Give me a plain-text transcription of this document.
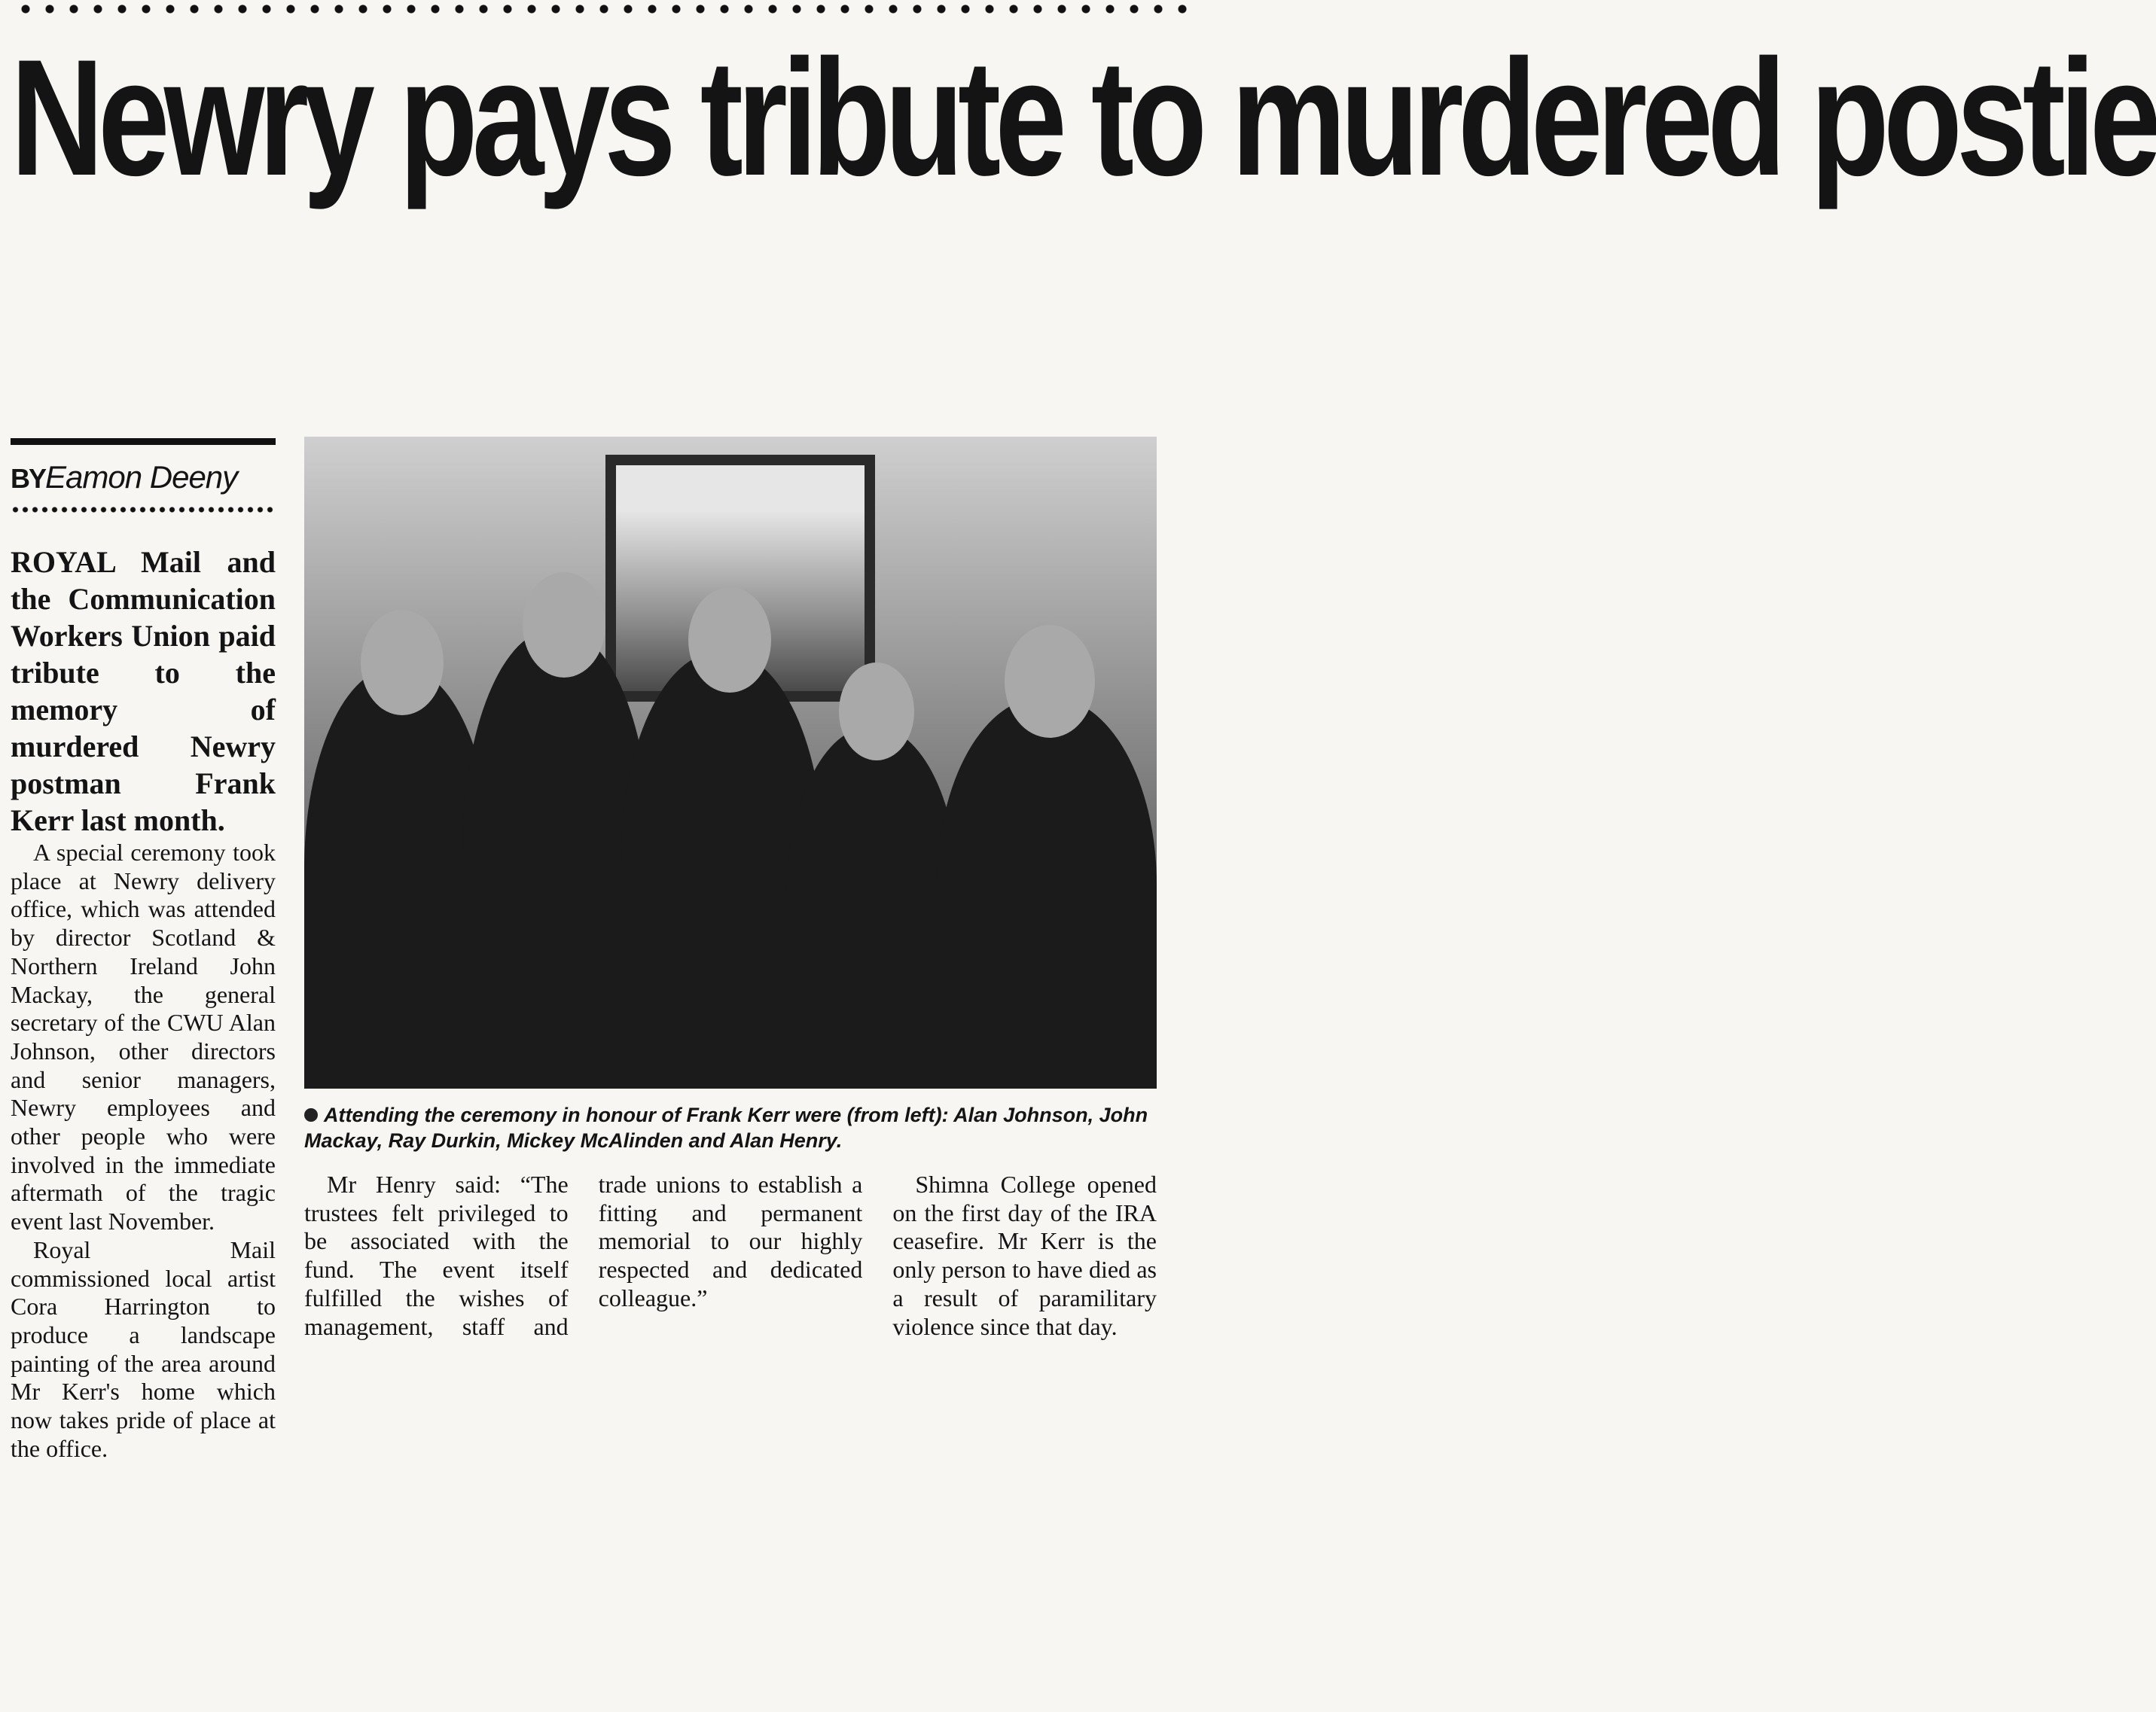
Newry pays tribute to murdered postie
BYEamon Deeny

Attending the ceremony in honour of Frank Kerr were (from left): Alan Johnson, John Mackay, Ray Durkin, Mickey McAlinden and Alan Henry.

ROYAL Mail and the Communication Workers Union paid tribute to the memory of murdered Newry postman Frank Kerr last month.

A special ceremony took place at Newry delivery office, which was attended by director Scotland & Northern Ireland John Mackay, the general secretary of the CWU Alan Johnson, other directors and senior managers, Newry employees and other people who were involved in the immediate aftermath of the tragic event last November.

Royal Mail commissioned local artist Cora Harrington to produce a landscape painting of the area around Mr Kerr's home which now takes pride of place at the office.

Mr Henry said: “The trustees felt privileged to be associated with the fund. The event itself fulfilled the wishes of management, staff and trade unions to establish a fitting and permanent memorial to our highly respected and dedicated colleague.”

Shimna College opened on the first day of the IRA ceasefire. Mr Kerr is the only person to have died as a result of paramilitary violence since that day.
